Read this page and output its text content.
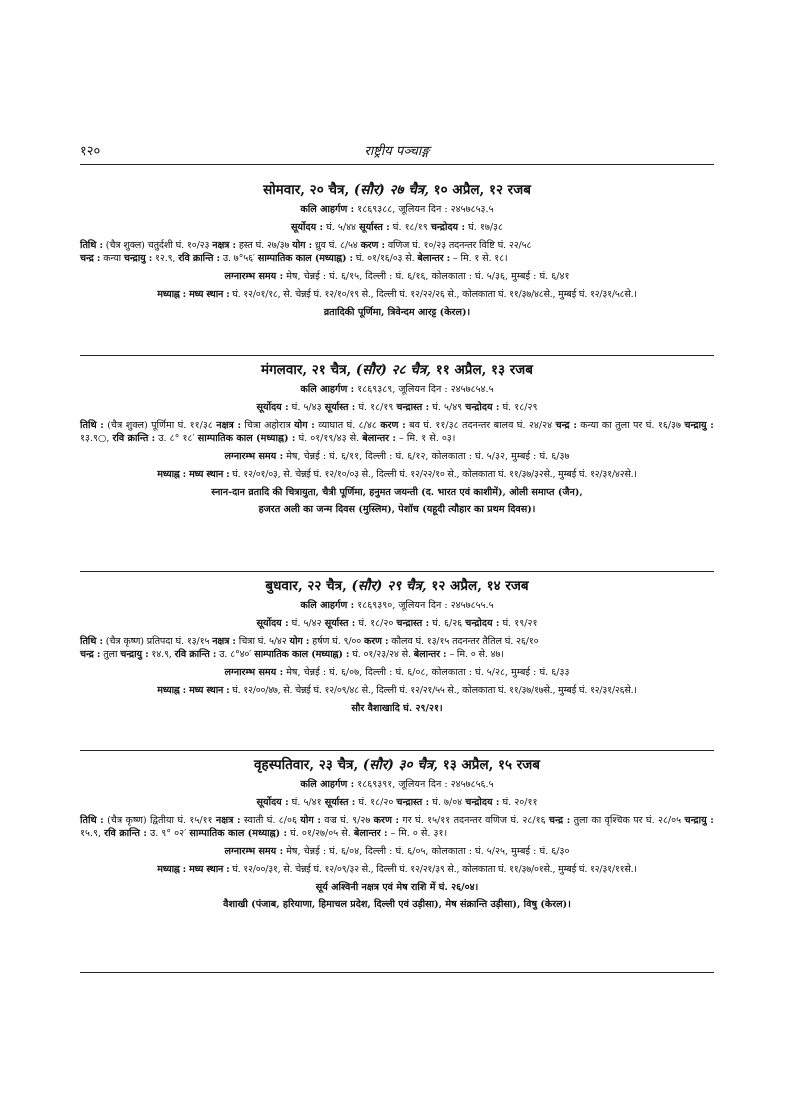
१२०	राष्ट्रीय पञ्चाङ्ग
सोमवार, २० चैत्र, (सौर) २७ चैत्र, १० अप्रैल, १२ रजब
कलि आहर्गण : १८६९३८८, जूलियन दिन : २४५७८५३.५
सूर्योदय : घं. ५/४४ सूर्यास्त : घं. १८/१९ चन्द्रोदय : घं. १७/३८
तिथि : (चैत्र शुक्ल) चतुर्दशी घं. १०/२३ नक्षत्र : हस्त घं. २७/३७ योग : ध्रुव घं. ८/५४ करण : वणिज घं. १०/२३ तदनन्तर विष्टि घं. २२/५८
चन्द्र : कन्या चन्द्रायु : १२.९, रवि क्रान्ति : उ. ७°५६′ साम्पातिक काल (मध्याह्न) : घं. ०१/१६/०३ से. बेलान्तर : – मि. १ से. १८।
लग्नारम्भ समय : मेष, चेन्नई : घं. ६/१५, दिल्ली : घं. ६/१६, कोलकाता : घं. ५/३६, मुम्बई : घं. ६/४१
मध्याह्न : मध्य स्थान : घं. १२/०१/१८, से. चेन्नई घं. १२/१०/१९ से., दिल्ली घं. १२/२२/२६ से., कोलकाता घं. ११/३७/४८से., मुम्बई घं. १२/३१/५८से.।
व्रतादिकी पूर्णिमा, त्रिवेन्दम आरट्ट (केरल)।
मंगलवार, २१ चैत्र, (सौर) २८ चैत्र, ११ अप्रैल, १३ रजब
कलि आहर्गण : १८६९३८९, जूलियन दिन : २४५७८५४.५
सूर्योदय : घं. ५/४३ सूर्यास्त : घं. १८/१९ चन्द्रास्त : घं. ५/४९ चन्द्रोदय : घं. १८/२९
तिथि : (चैत्र शुक्ल) पूर्णिमा घं. ११/३८ नक्षत्र : चित्रा अहोरात्र योग : व्याघात घं. ८/४८ करण : बव घं. ११/३८ तदनन्तर बालव घं. २४/२४ चन्द्र : कन्या का तुला पर घं. १६/३७ चन्द्रायु : १३.९○, रवि क्रान्ति : उ. ८° १८′ साम्पातिक काल (मध्याह्न) : घं. ०१/१९/४३ से. बेलान्तर : – मि. १ से. ०३।
लग्नारम्भ समय : मेष, चेन्नई : घं. ६/११, दिल्ली : घं. ६/१२, कोलकाता : घं. ५/३२, मुम्बई : घं. ६/३७
मध्याह्न : मध्य स्थान : घं. १२/०१/०३, से. चेन्नई घं. १२/१०/०३ से., दिल्ली घं. १२/२२/१० से., कोलकाता घं. ११/३७/३२से., मुम्बई घं. १२/३१/४२से.।
स्नान-दान व्रतादि की चित्रायुता, चैत्री पूर्णिमा, हनुमत जयन्ती (द. भारत एवं काशीमें), ओली समाप्त (जैन),
हजरत अली का जन्म दिवस (मुस्लिम), पेशॉच (यहूदी त्यौहार का प्रथम दिवस)।
बुधवार, २२ चैत्र, (सौर) २९ चैत्र, १२ अप्रैल, १४ रजब
कलि आहर्गण : १८६९३९०, जूलियन दिन : २४५७८५५.५
सूर्योदय : घं. ५/४२ सूर्यास्त : घं. १८/२० चन्द्रास्त : घं. ६/२६ चन्द्रोदय : घं. १९/२१
तिथि : (चैत्र कृष्ण) प्रतिपदा घं. १३/१५ नक्षत्र : चित्रा घं. ५/४२ योग : हर्षण घं. ९/०० करण : कौलव घं. १३/१५ तदनन्तर तैतिल घं. २६/१०
चन्द्र : तुला चन्द्रायु : १४.९, रवि क्रान्ति : उ. ८°४०′ साम्पातिक काल (मध्याह्न) : घं. ०१/२३/२४ से. बेलान्तर : – मि. ० से. ४७।
लग्नारम्भ समय : मेष, चेन्नई : घं. ६/०७, दिल्ली : घं. ६/०८, कोलकाता : घं. ५/२८, मुम्बई : घं. ६/३३
मध्याह्न : मध्य स्थान : घं. १२/००/४७, से. चेन्नई घं. १२/०९/४८ से., दिल्ली घं. १२/२१/५५ से., कोलकाता घं. ११/३७/१७से., मुम्बई घं. १२/३१/२६से.।
सौर वैशाखादि घं. २९/२१।
वृहस्पतिवार, २३ चैत्र, (सौर) ३० चैत्र, १३ अप्रैल, १५ रजब
कलि आहर्गण : १८६९३९१, जूलियन दिन : २४५७८५६.५
सूर्योदय : घं. ५/४१ सूर्यास्त : घं. १८/२० चन्द्रास्त : घं. ७/०४ चन्द्रोदय : घं. २०/११
तिथि : (चैत्र कृष्ण) द्वितीया घं. १५/११ नक्षत्र : स्वाती घं. ८/०६ योग : वज्र घं. ९/२७ करण : गर घं. १५/११ तदनन्तर वणिज घं. २८/१६ चन्द्र : तुला का वृश्चिक पर घं. २८/०५ चन्द्रायु : १५.९, रवि क्रान्ति : उ. ९° ०२′ साम्पातिक काल (मध्याह्न) : घं. ०१/२७/०५ से. बेलान्तर : – मि. ० से. ३१।
लग्नारम्भ समय : मेष, चेन्नई : घं. ६/०४, दिल्ली : घं. ६/०५, कोलकाता : घं. ५/२५, मुम्बई : घं. ६/३०
मध्याह्न : मध्य स्थान : घं. १२/००/३१, से. चेन्नई घं. १२/०९/३२ से., दिल्ली घं. १२/२१/३९ से., कोलकाता घं. ११/३७/०१से., मुम्बई घं. १२/३१/११से.।
सूर्य अश्विनी नक्षत्र एवं मेष राशि में घं. २६/०४।
वैशाखी (पंजाब, हरियाणा, हिमाचल प्रदेश, दिल्ली एवं उड़ीसा), मेष संक्रान्ति उड़ीसा), विषु (केरल)।
